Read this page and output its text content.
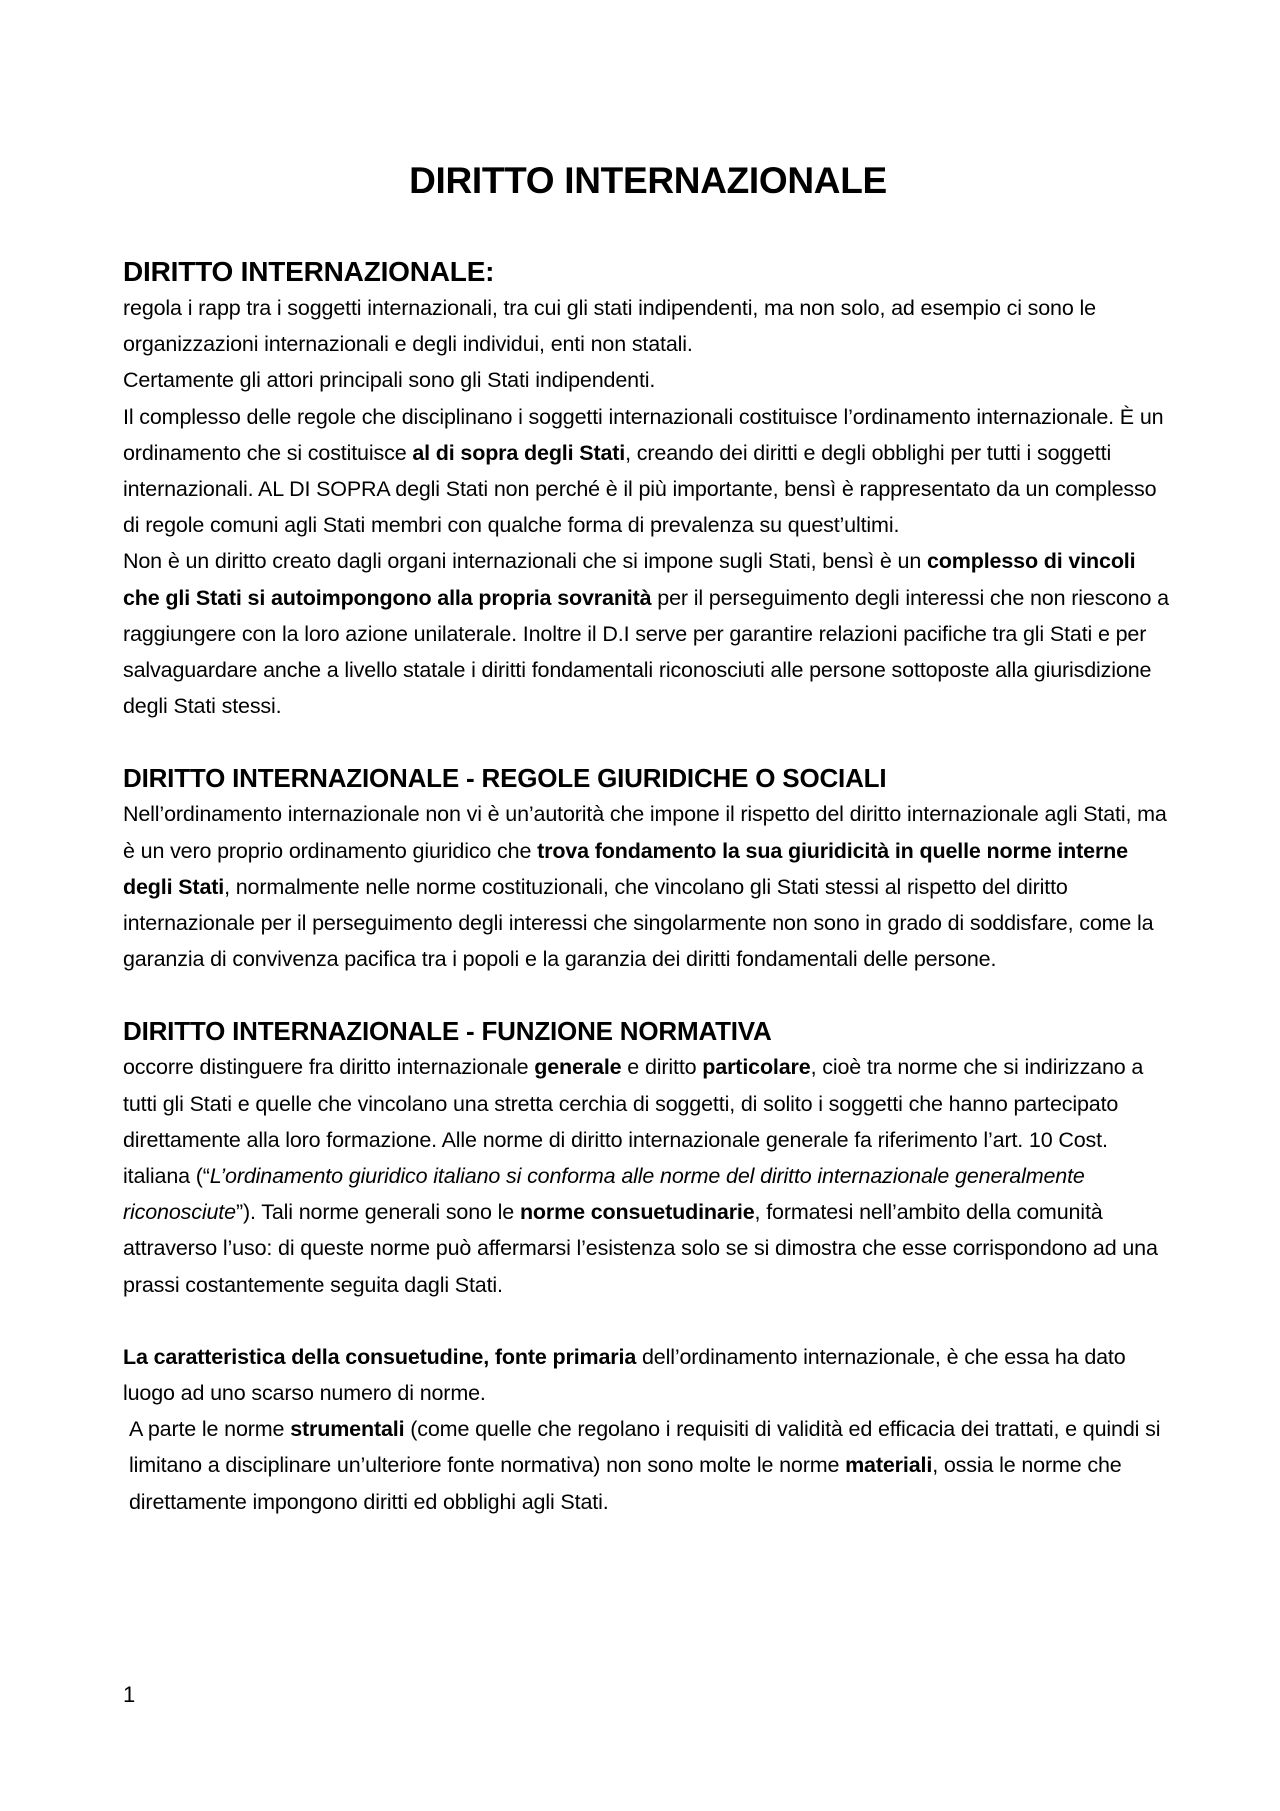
DIRITTO INTERNAZIONALE
DIRITTO INTERNAZIONALE:

regola i rapp tra i soggetti internazionali, tra cui gli stati indipendenti, ma non solo, ad esempio ci sono le organizzazioni internazionali e degli individui, enti non statali.

Certamente gli attori principali sono gli Stati indipendenti.

Il complesso delle regole che disciplinano i soggetti internazionali costituisce l’ordinamento internazionale. È un ordinamento che si costituisce al di sopra degli Stati, creando dei diritti e degli obblighi per tutti i soggetti internazionali. AL DI SOPRA degli Stati non perché è il più importante, bensì è rappresentato da un complesso di regole comuni agli Stati membri con qualche forma di prevalenza su quest’ultimi.

Non è un diritto creato dagli organi internazionali che si impone sugli Stati, bensì è un complesso di vincoli che gli Stati si autoimpongono alla propria sovranità per il perseguimento degli interessi che non riescono a raggiungere con la loro azione unilaterale. Inoltre il D.I serve per garantire relazioni pacifiche tra gli Stati e per salvaguardare anche a livello statale i diritti fondamentali riconosciuti alle persone sottoposte alla giurisdizione degli Stati stessi.

DIRITTO INTERNAZIONALE - REGOLE GIURIDICHE O SOCIALI

Nell’ordinamento internazionale non vi è un’autorità che impone il rispetto del diritto internazionale agli Stati, ma è un vero proprio ordinamento giuridico che trova fondamento la sua giuridicità in quelle norme interne degli Stati, normalmente nelle norme costituzionali, che vincolano gli Stati stessi al rispetto del diritto internazionale per il perseguimento degli interessi che singolarmente non sono in grado di soddisfare, come la garanzia di convivenza pacifica tra i popoli e la garanzia dei diritti fondamentali delle persone.

DIRITTO INTERNAZIONALE - FUNZIONE NORMATIVA

occorre distinguere fra diritto internazionale generale e diritto particolare, cioè tra norme che si indirizzano a tutti gli Stati e quelle che vincolano una stretta cerchia di soggetti, di solito i soggetti che hanno partecipato direttamente alla loro formazione. Alle norme di diritto internazionale generale fa riferimento l’art. 10 Cost. italiana (“L’ordinamento giuridico italiano si conforma alle norme del diritto internazionale generalmente riconosciute”). Tali norme generali sono le norme consuetudinarie, formatesi nell’ambito della comunità attraverso l’uso: di queste norme può affermarsi l’esistenza solo se si dimostra che esse corrispondono ad una prassi costantemente seguita dagli Stati.

La caratteristica della consuetudine, fonte primaria dell’ordinamento internazionale, è che essa ha dato luogo ad uno scarso numero di norme.

A parte le norme strumentali (come quelle che regolano i requisiti di validità ed efficacia dei trattati, e quindi si limitano a disciplinare un’ulteriore fonte normativa) non sono molte le norme materiali, ossia le norme che direttamente impongono diritti ed obblighi agli Stati.

1
